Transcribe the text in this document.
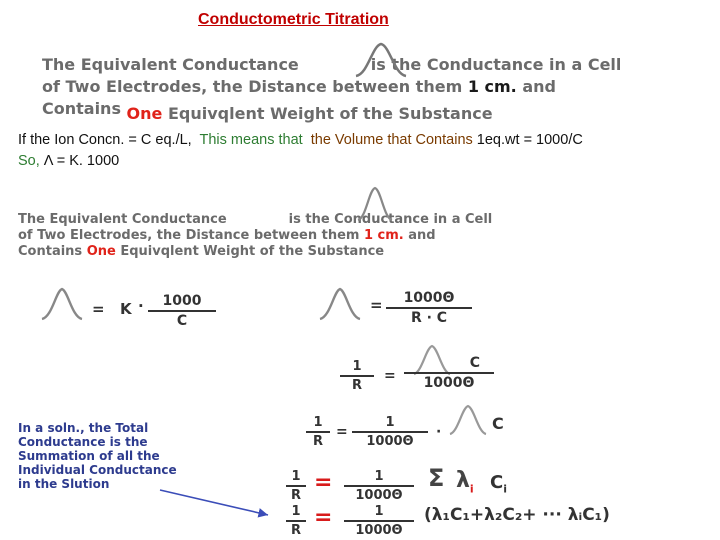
Conductometric Titration
The Equivalent Conductance	is the Conductance in a Cell
of Two Electrodes, the Distance between them 1 cm. and
Contains One Equivqlent Weight of the Substance
If the Ion Concn. = C eq./L, This means that the Volume that Contains 1eq.wt = 1000/C
So, Λ = K. 1000
The Equivalent Conductance	is the Conductance in a Cell
of Two Electrodes, the Distance between them 1 cm. and
Contains One Equivqlent Weight of the Substance
= K · 1000
C
= 1000Θ
R · C
1
R
=
C
1000Θ
1
R
=
1
1000Θ
·	C
1
R
=	1
1000Θ
Σ $\lambda_i$ $C_i$
1
R
=	1
1000Θ
(λ₁C₁+λ₂C₂+ ··· λᵢC₁)
In a soln., the Total
Conductance is the
Summation of all the
Individual Conductance
in the Slution
